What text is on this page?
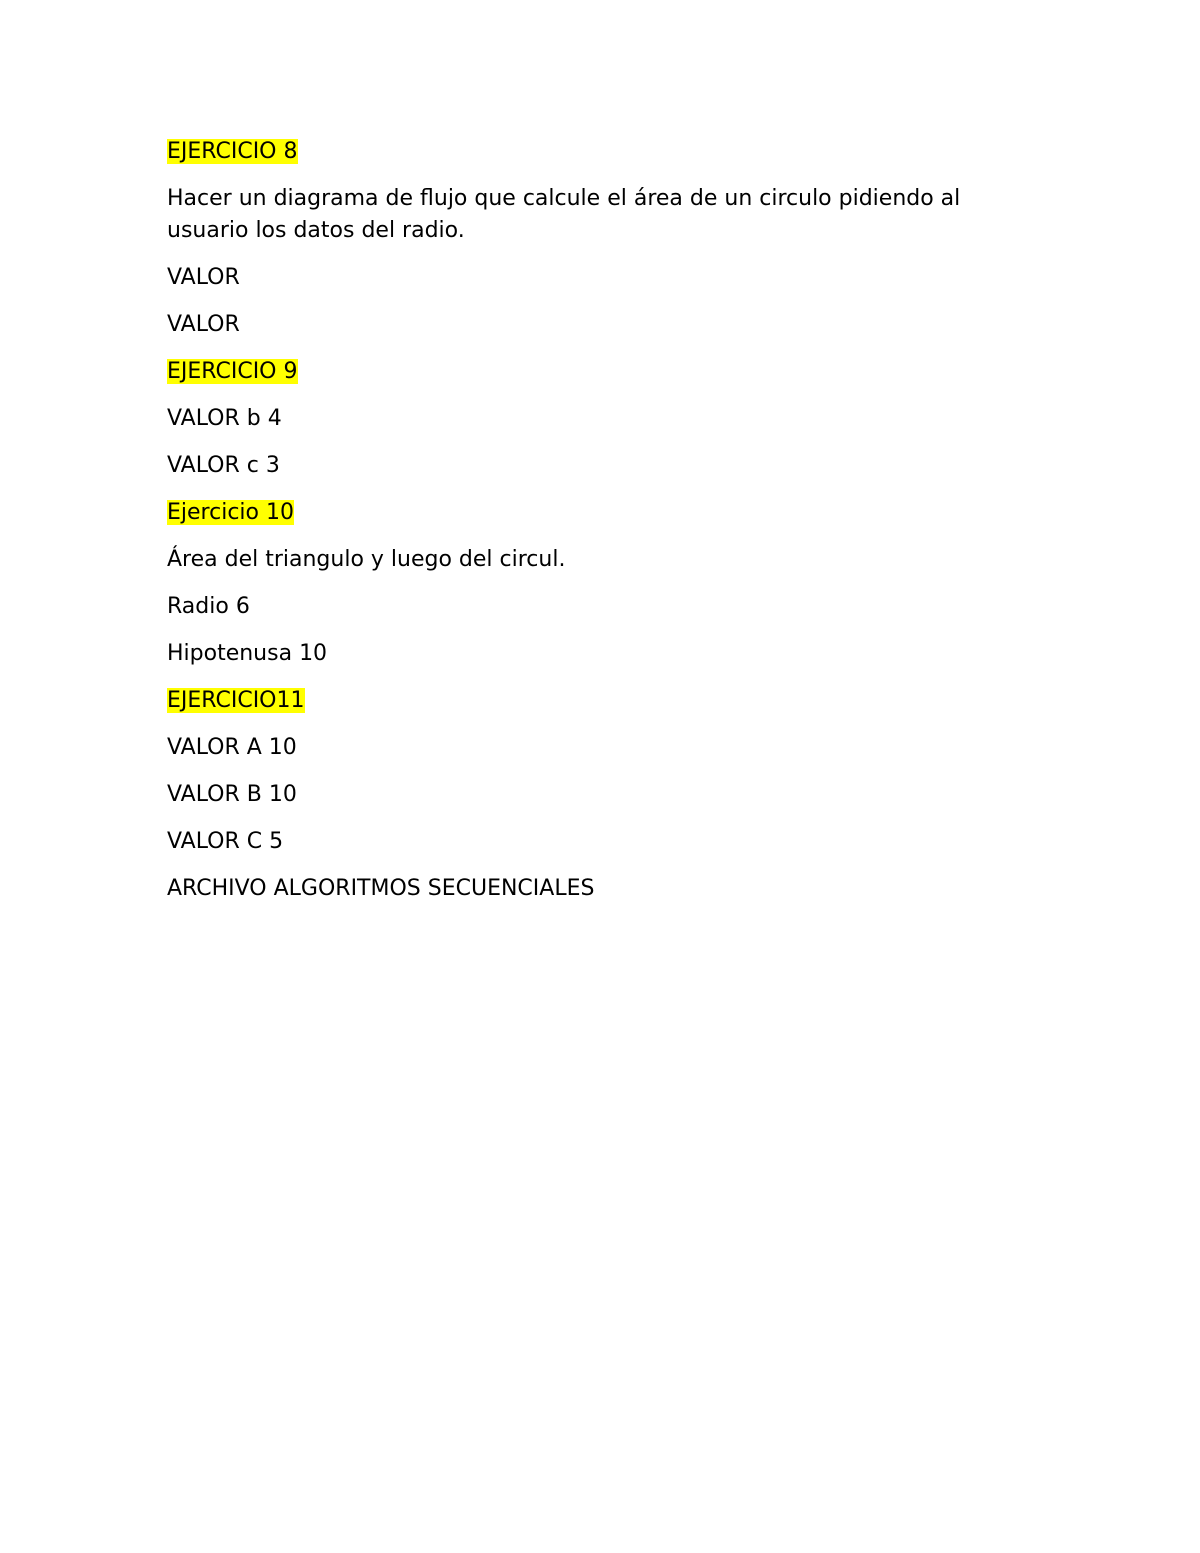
EJERCICIO 8

Hacer un diagrama de flujo que calcule el área de un circulo pidiendo al usuario los datos del radio.

VALOR

VALOR

EJERCICIO 9

VALOR b 4

VALOR c 3

Ejercicio 10

Área del triangulo y luego del circul.

Radio 6

Hipotenusa 10

EJERCICIO11

VALOR A 10

VALOR B 10

VALOR C 5

ARCHIVO ALGORITMOS SECUENCIALES
